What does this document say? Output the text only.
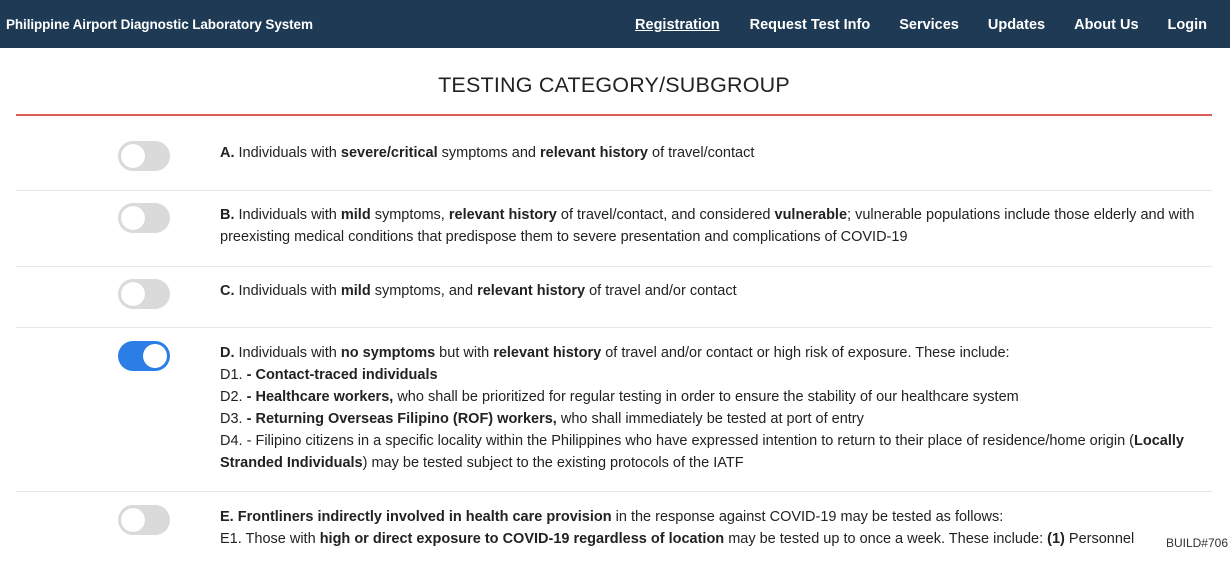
Philippine Airport Diagnostic Laboratory System	Registration Request Test Info Services Updates About Us Login
TESTING CATEGORY/SUBGROUP
A. Individuals with severe/critical symptoms and relevant history of travel/contact
B. Individuals with mild symptoms, relevant history of travel/contact, and considered vulnerable; vulnerable populations include those elderly and with preexisting medical conditions that predispose them to severe presentation and complications of COVID-19
C. Individuals with mild symptoms, and relevant history of travel and/or contact
D. Individuals with no symptoms but with relevant history of travel and/or contact or high risk of exposure. These include:
D1. - Contact-traced individuals
D2. - Healthcare workers, who shall be prioritized for regular testing in order to ensure the stability of our healthcare system
D3. - Returning Overseas Filipino (ROF) workers, who shall immediately be tested at port of entry
D4. - Filipino citizens in a specific locality within the Philippines who have expressed intention to return to their place of residence/home origin (Locally Stranded Individuals) may be tested subject to the existing protocols of the IATF
E. Frontliners indirectly involved in health care provision in the response against COVID-19 may be tested as follows:
E1. Those with high or direct exposure to COVID-19 regardless of location may be tested up to once a week. These include: (1) Personnel	BUILD#706
